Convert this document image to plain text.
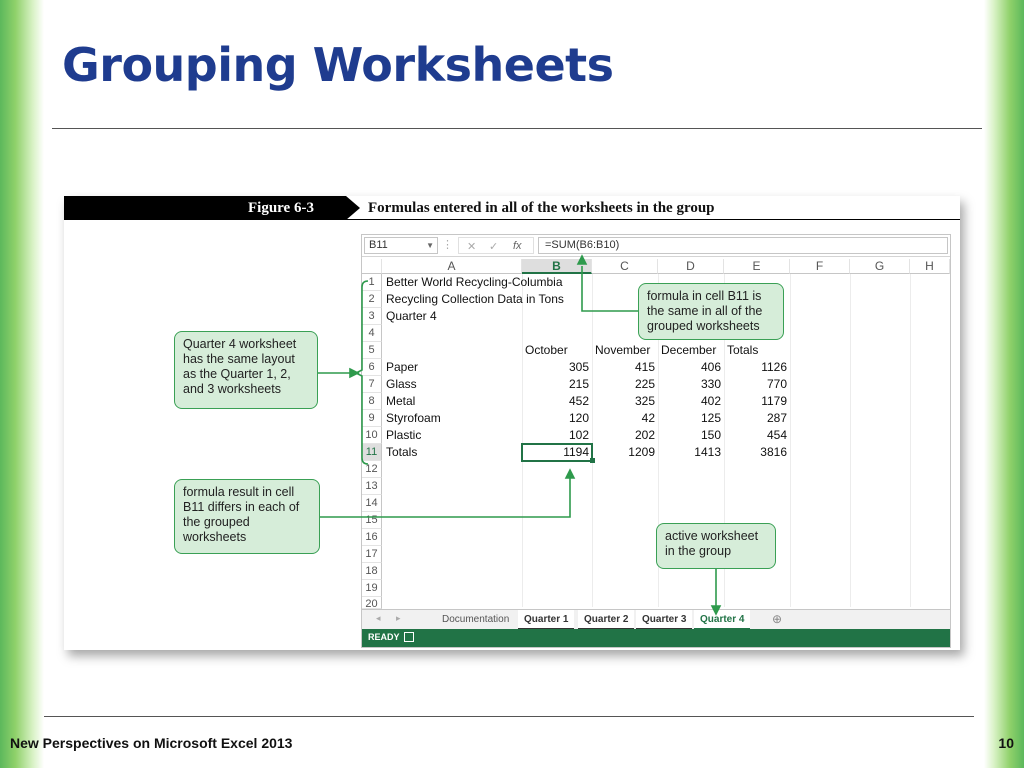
Grouping Worksheets
Figure 6-3	Formulas entered in all of the worksheets in the group
B11	▼ ⋮ ✕ ✓ fx	=SUM(B6:B10)
A	B	C	D	E	F	G	H
1 Better World Recycling-Columbia
2 Recycling Collection Data in Tons
3 Quarter 4
4
5	October November December Totals
6 Paper	305	415	406	1126
7 Glass	215	225	330	770
8 Metal	452	325	402	1179
9 Styrofoam	120	42	125	287
10 Plastic	102	202	150	454
11 Totals	1194	1209	1413	3816
12
13
14
15
16
17
18
19
20
◂ ▸	Documentation	Quarter 1	Quarter 2	Quarter 3	Quarter 4	⊕
READY
formula in cell B11 is the same in all of the grouped worksheets
Quarter 4 worksheet has the same layout as the Quarter 1, 2, and 3 worksheets
formula result in cell B11 differs in each of the grouped worksheets	active worksheet in the group
New Perspectives on Microsoft Excel 2013	10
